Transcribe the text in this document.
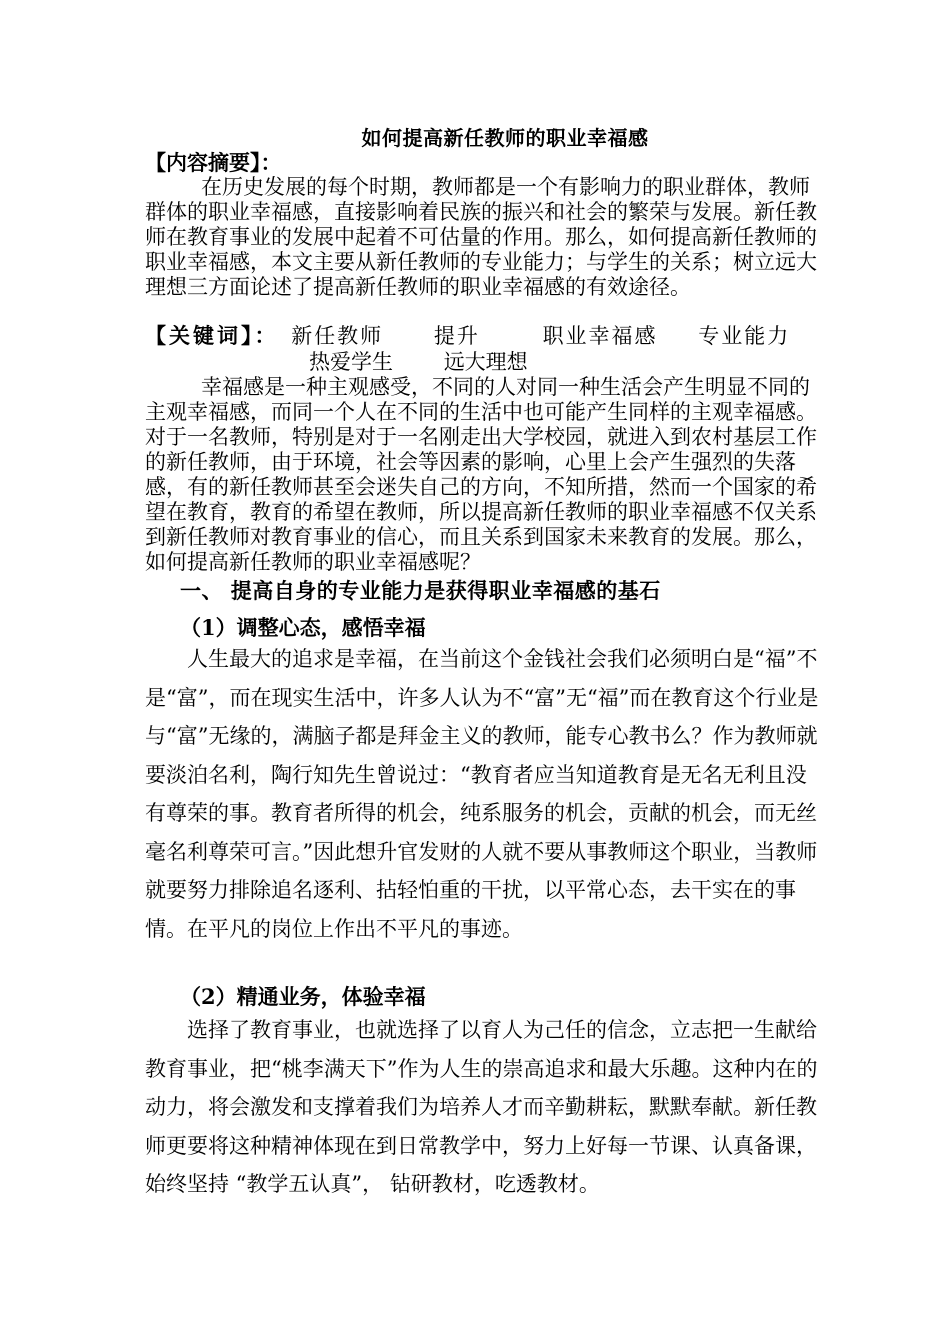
如何提高新任教师的职业幸福感
【内容摘要】：
在历史发展的每个时期，教师都是一个有影响力的职业群体，教师群体的职业幸福感，直接影响着民族的振兴和社会的繁荣与发展。新任教师在教育事业的发展中起着不可估量的作用。那么，如何提高新任教师的职业幸福感，本文主要从新任教师的专业能力；与学生的关系；树立远大理想三方面论述了提高新任教师的职业幸福感的有效途径。
【关键词】： 新任教师 提升	职业幸福感 专业能力
热爱学生 远大理想
幸福感是一种主观感受，不同的人对同一种生活会产生明显不同的主观幸福感，而同一个人在不同的生活中也可能产生同样的主观幸福感。对于一名教师，特别是对于一名刚走出大学校园，就进入到农村基层工作的新任教师，由于环境，社会等因素的影响，心里上会产生强烈的失落感，有的新任教师甚至会迷失自己的方向，不知所措，然而一个国家的希望在教育，教育的希望在教师，所以提高新任教师的职业幸福感不仅关系到新任教师对教育事业的信心，而且关系到国家未来教育的发展。那么，如何提高新任教师的职业幸福感呢？
一、 提高自身的专业能力是获得职业幸福感的基石
（1）调整心态，感悟幸福
人生最大的追求是幸福，在当前这个金钱社会我们必须明白是“福”不是“富”，而在现实生活中，许多人认为不“富”无“福”而在教育这个行业是与“富”无缘的，满脑子都是拜金主义的教师，能专心教书么？作为教师就要淡泊名利，陶行知先生曾说过：“教育者应当知道教育是无名无利且没有尊荣的事。教育者所得的机会，纯系服务的机会，贡献的机会，而无丝毫名利尊荣可言。”因此想升官发财的人就不要从事教师这个职业，当教师就要努力排除追名逐利、拈轻怕重的干扰，以平常心态，去干实在的事情。在平凡的岗位上作出不平凡的事迹。
（2）精通业务，体验幸福
选择了教育事业，也就选择了以育人为己任的信念，立志把一生献给教育事业，把“桃李满天下”作为人生的崇高追求和最大乐趣。这种内在的动力，将会激发和支撑着我们为培养人才而辛勤耕耘，默默奉献。新任教师更要将这种精神体现在到日常教学中，努力上好每一节课、认真备课，始终坚持 “教学五认真”， 钻研教材，吃透教材。
